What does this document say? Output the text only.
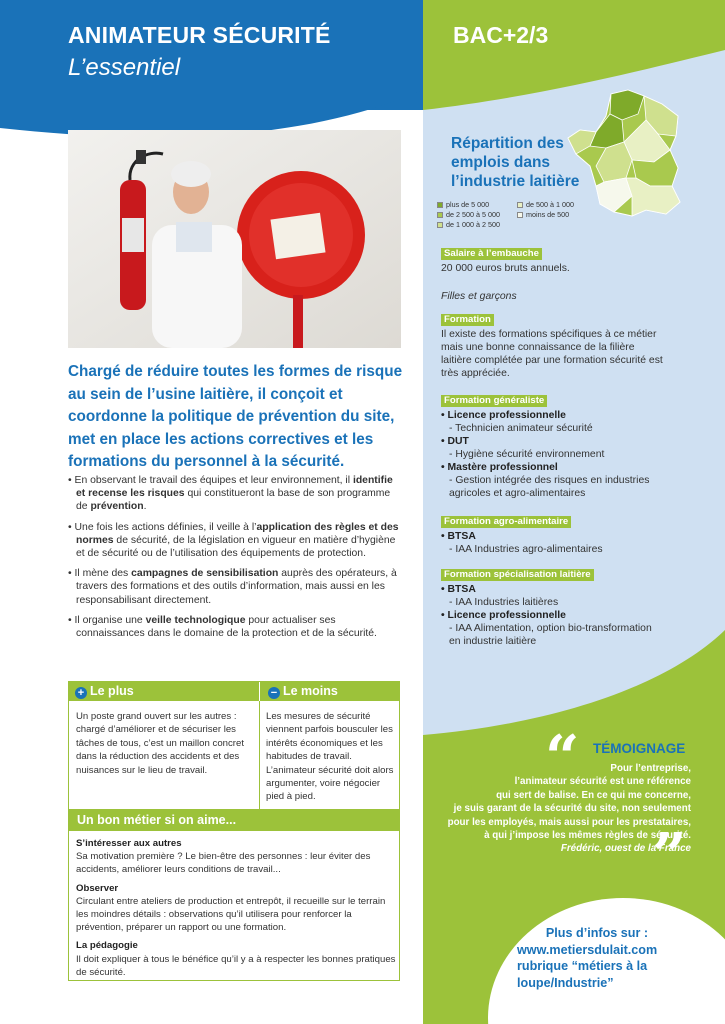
ANIMATEUR SÉCURITÉ
L’essentiel
BAC+2/3
Chargé de réduire toutes les formes de risque au sein de l’usine laitière, il conçoit et coordonne la politique de prévention du site, met en place les actions correctives et les formations du personnel à la sécurité.
• En observant le travail des équipes et leur environnement, il identifie et recense les risques qui constitueront la base de son programme de prévention.
• Une fois les actions définies, il veille à l’application des règles et des normes de sécurité, de la législation en vigueur en matière d’hygiène et de sécurité ou de l’utilisation des équipements de protection.
• Il mène des campagnes de sensibilisation auprès des opérateurs, à travers des formations et des outils d’information, mais aussi en les responsabilisant directement.
• Il organise une veille technologique pour actualiser ses connaissances dans le domaine de la protection et de la sécurité.
+ Le plus	− Le moins
Un poste grand ouvert sur les autres : chargé d’améliorer et de sécuriser les tâches de tous, c’est un maillon concret dans la réduction des accidents et des nuisances sur le lieu de travail.
Les mesures de sécurité viennent parfois bousculer les intérêts économiques et les habitudes de travail. L’animateur sécurité doit alors argumenter, voire négocier pied à pied.
Un bon métier si on aime...
S’intéresser aux autres
Sa motivation première ? Le bien-être des personnes : leur éviter des accidents, améliorer leurs conditions de travail...
Observer
Circulant entre ateliers de production et entrepôt, il recueille sur le terrain les moindres détails : observations qu’il utilisera pour renforcer la prévention, préparer un rapport ou une formation.
La pédagogie
Il doit expliquer à tous le bénéfice qu’il y a à respecter les bonnes pratiques de sécurité.
Répartition des emplois dans l’industrie laitière
plus de 5 000	de 500 à 1 000
de 2 500 à 5 000	moins de 500
de 1 000 à 2 500
Salaire à l’embauche
20 000 euros bruts annuels.
Filles et garçons
Formation
Il existe des formations spécifiques à ce métier mais une bonne connaissance de la filière laitière complétée par une formation sécurité est très appréciée.
Formation généraliste
• Licence professionnelle
- Technicien animateur sécurité
• DUT
- Hygiène sécurité environnement
• Mastère professionnel
- Gestion intégrée des risques en industries agricoles et agro-alimentaires
Formation agro-alimentaire
• BTSA
- IAA Industries agro-alimentaires
Formation spécialisation laitière
• BTSA
- IAA Industries laitières
• Licence professionnelle
- IAA Alimentation, option bio-transformation en industrie laitière
“ TÉMOIGNAGE
Pour l’entreprise,
l’animateur sécurité est une référence
qui sert de balise. En ce qui me concerne,
je suis garant de la sécurité du site, non seulement
pour les employés, mais aussi pour les prestataires,
à qui j’impose les mêmes règles de sécurité.
Frédéric, ouest de la France
”
Plus d’infos sur :
www.metiersdulait.com
rubrique “métiers à la loupe/Industrie”
